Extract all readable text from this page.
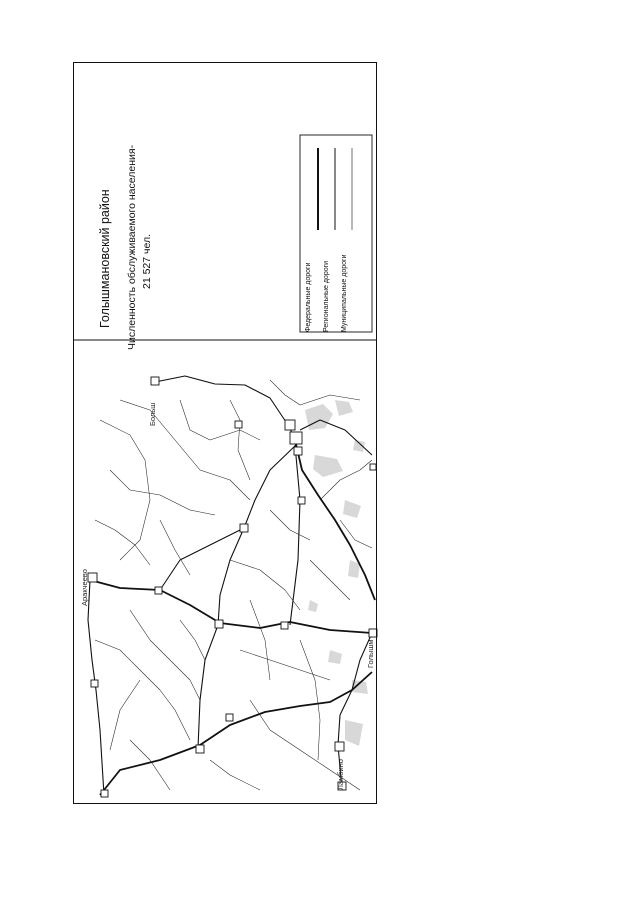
Голышмановский район Численность обслуживаемого населения- 21 527 чел.
Федеральные дороги Региональные дороги Муниципальные дороги
Больш
Аракчеево
Голышм
Ламбино
